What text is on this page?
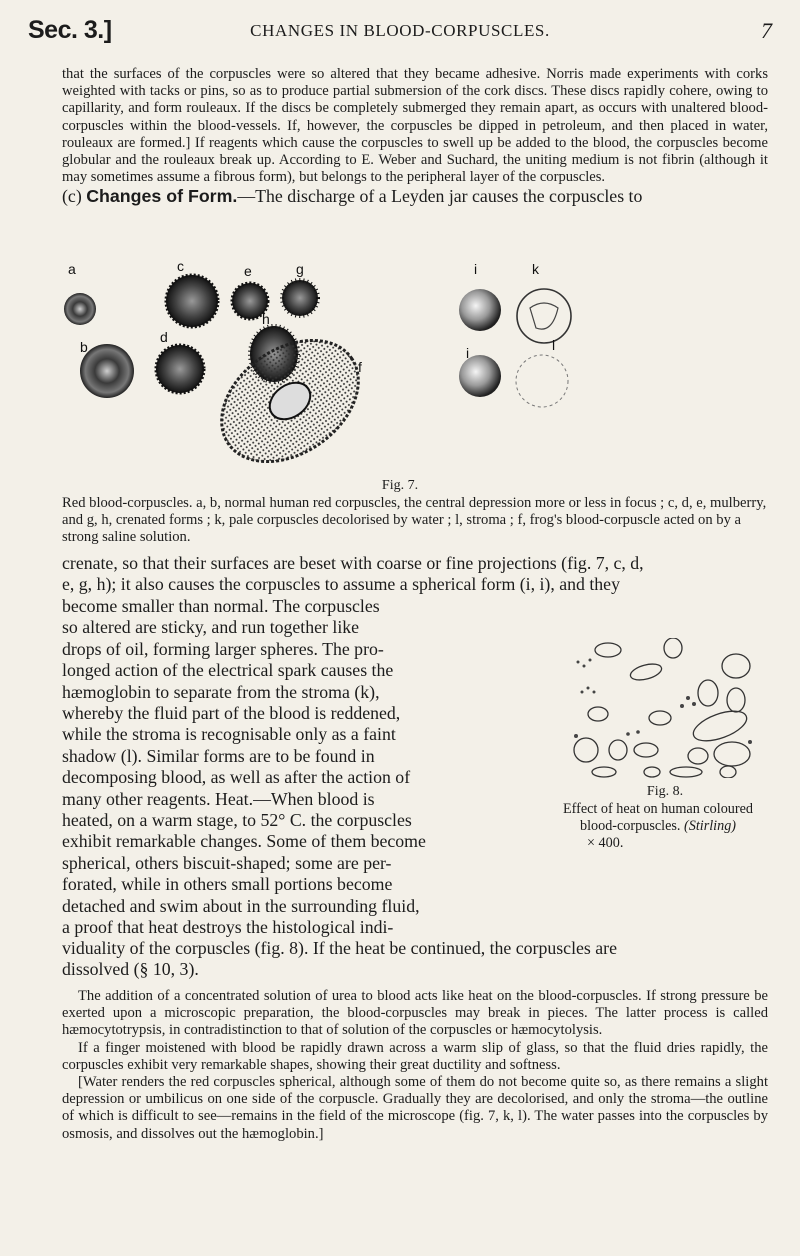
Sec. 3.]	CHANGES IN BLOOD-CORPUSCLES.	7

that the surfaces of the corpuscles were so altered that they became adhesive. Norris made experiments with corks weighted with tacks or pins, so as to produce partial submersion of the cork discs. These discs rapidly cohere, owing to capillarity, and form rouleaux. If the discs be completely submerged they remain apart, as occurs with unaltered blood-corpuscles within the blood-vessels. If, however, the corpuscles be dipped in petroleum, and then placed in water, rouleaux are formed.] If reagents which cause the corpuscles to swell up be added to the blood, the corpuscles become globular and the rouleaux break up. According to E. Weber and Suchard, the uniting medium is not fibrin (although it may sometimes assume a fibrous form), but belongs to the peripheral layer of the corpuscles.

(c) Changes of Form.—The discharge of a Leyden jar causes the corpuscles to
a
b
c
d
e	g
h
f
i
i
k
l
Fig. 7.
Red blood-corpuscles. a, b, normal human red corpuscles, the central depression more or less in focus ; c, d, e, mulberry, and g, h, crenated forms ; k, pale corpuscles decolorised by water ; l, stroma ; f, frog's blood-corpuscle acted on by a strong saline solution.
crenate, so that their surfaces are beset with coarse or fine projections (fig. 7, c, d,
e, g, h); it also causes the corpuscles to assume a spherical form (i, i), and they

become smaller than normal. The corpuscles

so altered are sticky, and run together like

drops of oil, forming larger spheres. The pro-

longed action of the electrical spark causes the

hæmoglobin to separate from the stroma (k),

whereby the fluid part of the blood is reddened,

while the stroma is recognisable only as a faint

shadow (l). Similar forms are to be found in

decomposing blood, as well as after the action of

many other reagents. Heat.—When blood is

heated, on a warm stage, to 52° C. the corpuscles

exhibit remarkable changes. Some of them become

spherical, others biscuit-shaped; some are per-

forated, while in others small portions become

detached and swim about in the surrounding fluid,

a proof that heat destroys the histological indi-

viduality of the corpuscles (fig. 8). If the heat be continued, the corpuscles are
dissolved (§ 10, 3).
Fig. 8.
Effect of heat on human coloured blood-corpuscles. (Stirling)
× 400.

The addition of a concentrated solution of urea to blood acts like heat on the blood-corpuscles. If strong pressure be exerted upon a microscopic preparation, the blood-corpuscles may break in pieces. The latter process is called hæmocytotrypsis, in contradistinction to that of solution of the corpuscles or hæmocytolysis.

If a finger moistened with blood be rapidly drawn across a warm slip of glass, so that the fluid dries rapidly, the corpuscles exhibit very remarkable shapes, showing their great ductility and softness.

[Water renders the red corpuscles spherical, although some of them do not become quite so, as there remains a slight depression or umbilicus on one side of the corpuscle. Gradually they are decolorised, and only the stroma—the outline of which is difficult to see—remains in the field of the microscope (fig. 7, k, l). The water passes into the corpuscles by osmosis, and dissolves out the hæmoglobin.]
